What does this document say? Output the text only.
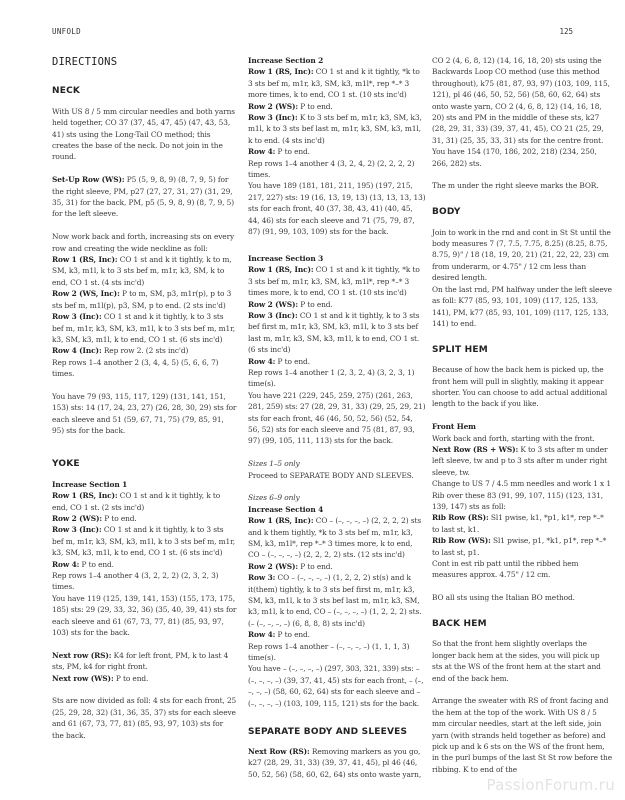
UNFOLD	125
DIRECTIONS
NECK

With US 8 / 5 mm circular needles and both yarns held together, CO 37 (37, 45, 47, 45) (47, 43, 53, 41) sts using the Long-Tail CO method; this creates the base of the neck. Do not join in the round.

Set-Up Row (WS): P5 (5, 9, 8, 9) (8, 7, 9, 5) for the right sleeve, PM, p27 (27, 27, 31, 27) (31, 29, 35, 31) for the back, PM, p5 (5, 9, 8, 9) (8, 7, 9, 5) for the left sleeve.

Now work back and forth, increasing sts on every row and creating the wide neckline as foll:

Row 1 (RS, Inc): CO 1 st and k it tightly, k to m, SM, k3, m1l, k to 3 sts bef m, m1r, k3, SM, k to end, CO 1 st. (4 sts inc'd)
Row 2 (WS, Inc): P to m, SM, p3, m1r(p), p to 3 sts bef m, m1l(p), p3, SM, p to end. (2 sts inc'd)
Row 3 (Inc): CO 1 st and k it tightly, k to 3 sts bef m, m1r, k3, SM, k3, m1l, k to 3 sts bef m, m1r, k3, SM, k3, m1l, k to end, CO 1 st. (6 sts inc'd)
Row 4 (Inc): Rep row 2. (2 sts inc'd)

Rep rows 1–4 another 2 (3, 4, 4, 5) (5, 6, 6, 7) times.

You have 79 (93, 115, 117, 129) (131, 141, 151, 153) sts: 14 (17, 24, 23, 27) (26, 28, 30, 29) sts for each sleeve and 51 (59, 67, 71, 75) (79, 85, 91, 95) sts for the back.

YOKE
Increase Section 1
Row 1 (RS, Inc): CO 1 st and k it tightly, k to end, CO 1 st. (2 sts inc'd)
Row 2 (WS): P to end.
Row 3 (Inc): CO 1 st and k it tightly, k to 3 sts bef m, m1r, k3, SM, k3, m1l, k to 3 sts bef m, m1r, k3, SM, k3, m1l, k to end, CO 1 st. (6 sts inc'd)
Row 4: P to end.
Rep rows 1–4 another 4 (3, 2, 2, 2) (2, 3, 2, 3) times.

You have 119 (125, 139, 141, 153) (155, 173, 175, 185) sts: 29 (29, 33, 32, 36) (35, 40, 39, 41) sts for each sleeve and 61 (67, 73, 77, 81) (85, 93, 97, 103) sts for the back.

Next row (RS): K4 for left front, PM, k to last 4 sts, PM, k4 for right front.

Next row (WS): P to end.

Sts are now divided as foll: 4 sts for each front, 25 (25, 29, 28, 32) (31, 36, 35, 37) sts for each sleeve and 61 (67, 73, 77, 81) (85, 93, 97, 103) sts for the back.

Increase Section 2
Row 1 (RS, Inc): CO 1 st and k it tightly, *k to 3 sts bef m, m1r, k3, SM, k3, m1l*, rep *–* 3 more times, k to end, CO 1 st. (10 sts inc'd)
Row 2 (WS): P to end.
Row 3 (Inc): K to 3 sts bef m, m1r, k3, SM, k3, m1l, k to 3 sts bef last m, m1r, k3, SM, k3, m1l, k to end. (4 sts inc'd)
Row 4: P to end.
Rep rows 1–4 another 4 (3, 2, 4, 2) (2, 2, 2, 2) times.

You have 189 (181, 181, 211, 195) (197, 215, 217, 227) sts: 19 (16, 13, 19, 13) (13, 13, 13, 13) sts for each front, 40 (37, 38, 43, 41) (40, 45, 44, 46) sts for each sleeve and 71 (75, 79, 87, 87) (91, 99, 103, 109) sts for the back.

Increase Section 3
Row 1 (RS, Inc): CO 1 st and k it tightly, *k to 3 sts bef m, m1r, k3, SM, k3, m1l*, rep *–* 3 times more, k to end, CO 1 st. (10 sts inc'd)
Row 2 (WS): P to end.
Row 3 (Inc): CO 1 st and k it tightly, k to 3 sts bef first m, m1r, k3, SM, k3, m1l, k to 3 sts bef last m, m1r, k3, SM, k3, m1l, k to end, CO 1 st. (6 sts inc'd)
Row 4: P to end.
Rep rows 1–4 another 1 (2, 3, 2, 4) (3, 2, 3, 1) time(s).

You have 221 (229, 245, 259, 275) (261, 263, 281, 259) sts: 27 (28, 29, 31, 33) (29, 25, 29, 21) sts for each front, 46 (46, 50, 52, 56) (52, 54, 56, 52) sts for each sleeve and 75 (81, 87, 93, 97) (99, 105, 111, 113) sts for the back.

Sizes 1–5 only

Proceed to SEPARATE BODY AND SLEEVES.

Sizes 6–9 only
Increase Section 4
Row 1 (RS, Inc): CO – (–, –, –, –) (2, 2, 2, 2) sts and k them tightly, *k to 3 sts bef m, m1r, k3, SM, k3, m1l*, rep *–* 3 times more, k to end, CO – (–, –, –, –) (2, 2, 2, 2) sts. (12 sts inc'd)
Row 2 (WS): P to end.
Row 3: CO – (–, –, –, –) (1, 2, 2, 2) st(s) and k it(them) tightly, k to 3 sts bef first m, m1r, k3, SM, k3, m1l, k to 3 sts bef last m, m1r, k3, SM, k3, m1l, k to end, CO – (–, –, –, –) (1, 2, 2, 2) sts. (– (–, –, –, –) (6, 8, 8, 8) sts inc'd)
Row 4: P to end.
Rep rows 1–4 another – (–, –, –, –) (1, 1, 1, 3) time(s).

You have – (–, –, –, –) (297, 303, 321, 339) sts: – (–, –, –, –) (39, 37, 41, 45) sts for each front, – (–, –, –, –) (58, 60, 62, 64) sts for each sleeve and – (–, –, –, –) (103, 109, 115, 121) sts for the back.

SEPARATE BODY AND SLEEVES

Next Row (RS): Removing markers as you go, k27 (28, 29, 31, 33) (39, 37, 41, 45), pl 46 (46, 50, 52, 56) (58, 60, 62, 64) sts onto waste yarn,

CO 2 (4, 6, 8, 12) (14, 16, 18, 20) sts using the Backwards Loop CO method (use this method throughout), k75 (81, 87, 93, 97) (103, 109, 115, 121), pl 46 (46, 50, 52, 56) (58, 60, 62, 64) sts onto waste yarn, CO 2 (4, 6, 8, 12) (14, 16, 18, 20) sts and PM in the middle of these sts, k27 (28, 29, 31, 33) (39, 37, 41, 45), CO 21 (25, 29, 31, 31) (25, 35, 33, 31) sts for the centre front.

You have 154 (170, 186, 202, 218) (234, 250, 266, 282) sts.

The m under the right sleeve marks the BOR.

BODY
Join to work in the rnd and cont in St St until the body measures 7 (7, 7.5, 7.75, 8.25) (8.25, 8.75, 8.75, 9)" / 18 (18, 19, 20, 21) (21, 22, 22, 23) cm from underarm, or 4.75" / 12 cm less than desired length.

On the last rnd, PM halfway under the left sleeve as foll: K77 (85, 93, 101, 109) (117, 125, 133, 141), PM, k77 (85, 93, 101, 109) (117, 125, 133, 141) to end.

SPLIT HEM

Because of how the back hem is picked up, the front hem will pull in slightly, making it appear shorter. You can choose to add actual additional length to the back if you like.

Front Hem
Work back and forth, starting with the front.
Next Row (RS + WS): K to 3 sts after m under left sleeve, tw and p to 3 sts after m under right sleeve, tw.
Change to US 7 / 4.5 mm needles and work 1 x 1 Rib over these 83 (91, 99, 107, 115) (123, 131, 139, 147) sts as foll:
Rib Row (RS): Sl1 pwise, k1, *p1, k1*, rep *–* to last st, k1.
Rib Row (WS): Sl1 pwise, p1, *k1, p1*, rep *–* to last st, p1.

Cont in est rib patt until the ribbed hem measures approx. 4.75" / 12 cm.

BO all sts using the Italian BO method.

BACK HEM

So that the front hem slightly overlaps the longer back hem at the sides, you will pick up sts at the WS of the front hem at the start and end of the back hem.

Arrange the sweater with RS of front facing and the hem at the top of the work. With US 8 / 5 mm circular needles, start at the left side, join yarn (with strands held together as before) and pick up and k 6 sts on the WS of the front hem, in the purl bumps of the last St St row before the ribbing. K to end of the

PassionForum.ru
